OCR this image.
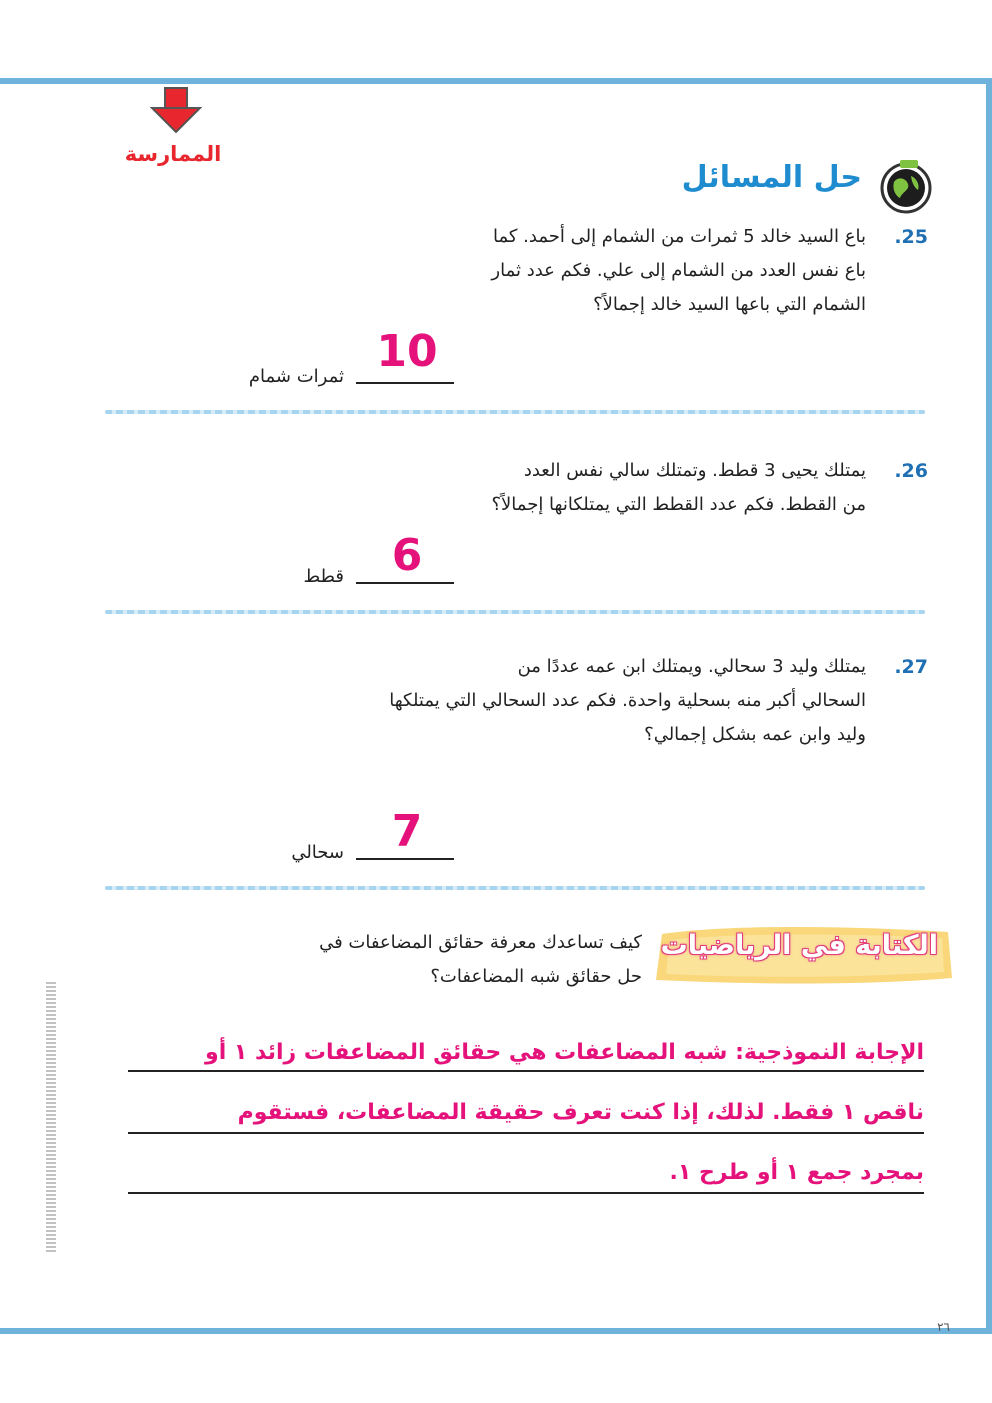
الممارسة
حل المسائل
.25
باع السيد خالد 5 ثمرات من الشمام إلى أحمد. كما
باع نفس العدد من الشمام إلى علي. فكم عدد ثمار
الشمام التي باعها السيد خالد إجمالاً؟
10
ثمرات شمام
.26
يمتلك يحيى 3 قطط. وتمتلك سالي نفس العدد
من القطط. فكم عدد القطط التي يمتلكانها إجمالاً؟
6
قطط
.27
يمتلك وليد 3 سحالي. ويمتلك ابن عمه عددًا من
السحالي أكبر منه بسحلية واحدة. فكم عدد السحالي التي يمتلكها
وليد وابن عمه بشكل إجمالي؟
7
سحالي
الكتابة في الرياضيات
كيف تساعدك معرفة حقائق المضاعفات في
حل حقائق شبه المضاعفات؟
الإجابة النموذجية: شبه المضاعفات هي حقائق المضاعفات زائد ١ أو
ناقص ١ فقط. لذلك، إذا كنت تعرف حقيقة المضاعفات، فستقوم
بمجرد جمع ١ أو طرح ١.
٢٦
